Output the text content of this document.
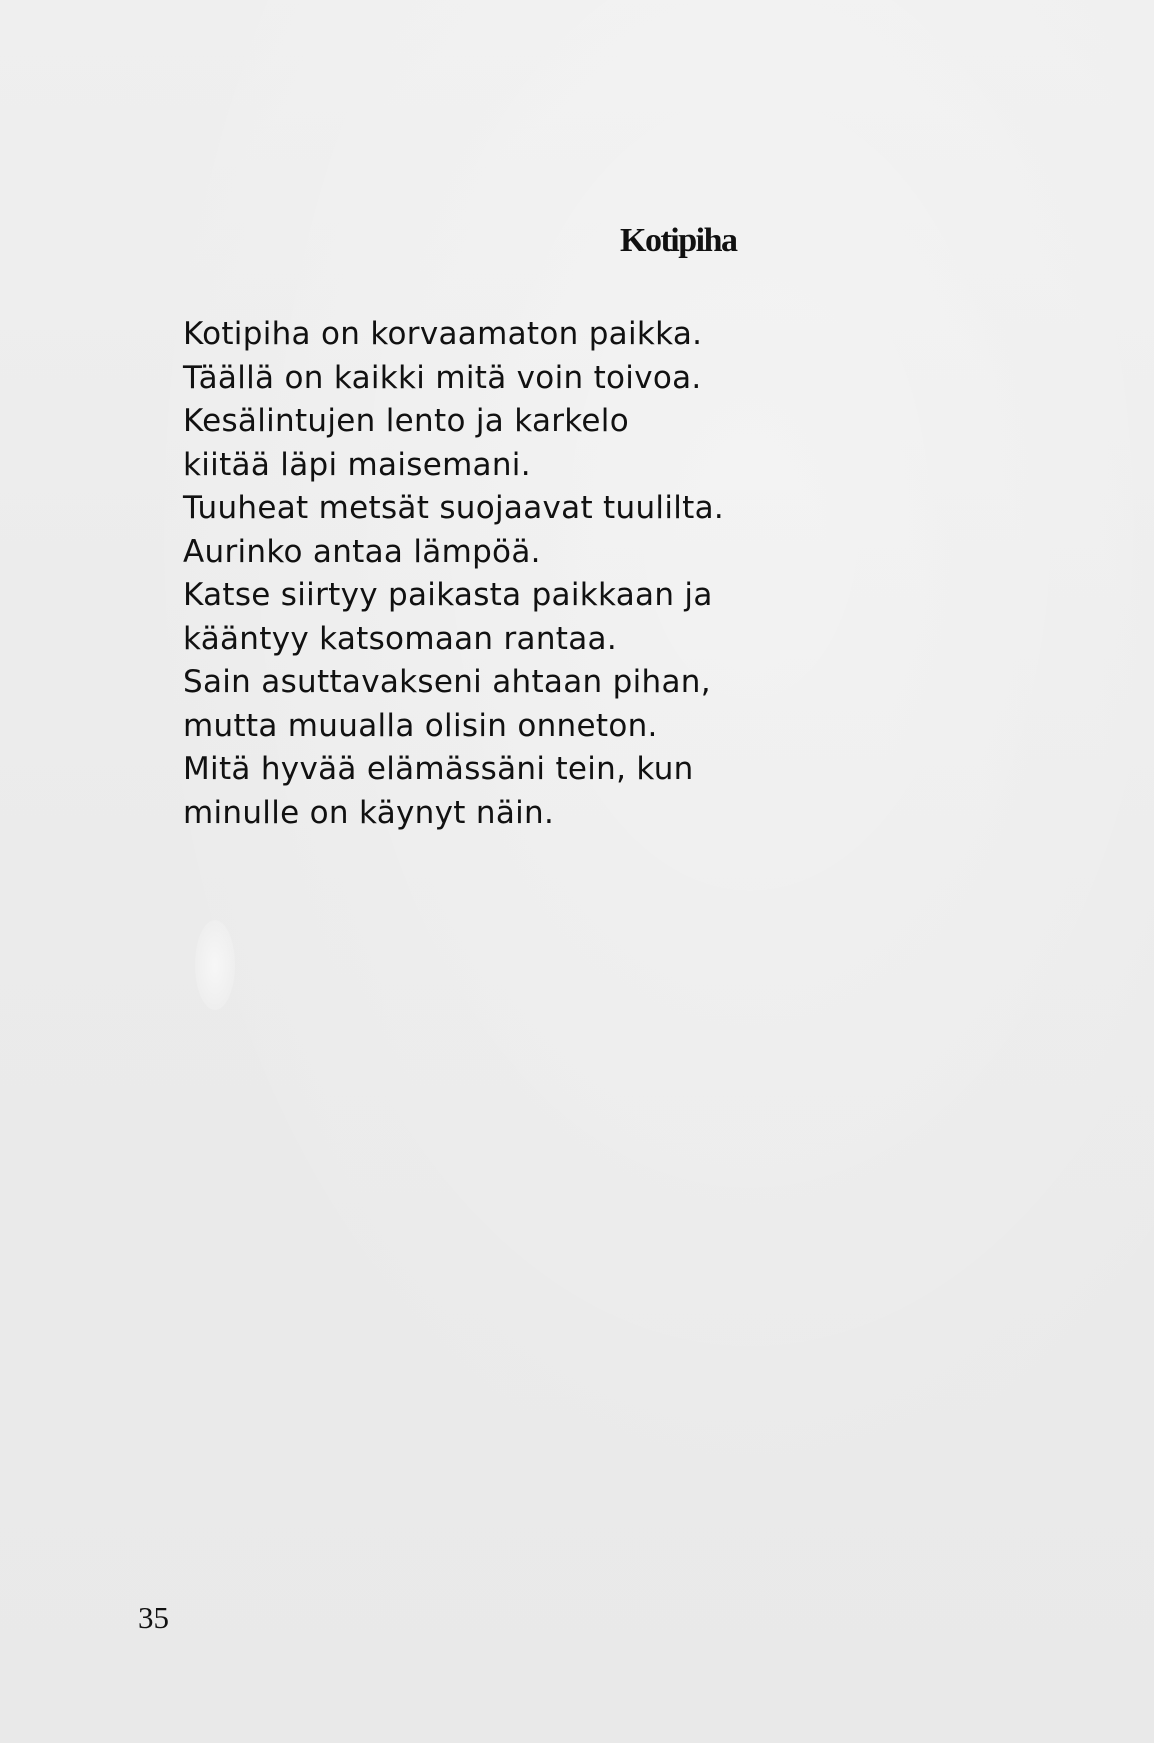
Kotipiha
Kotipiha on korvaamaton paikka.
Täällä on kaikki mitä voin toivoa.
Kesälintujen lento ja karkelo
kiitää läpi maisemani.
Tuuheat metsät suojaavat tuulilta.
Aurinko antaa lämpöä.
Katse siirtyy paikasta paikkaan ja
kääntyy katsomaan rantaa.
Sain asuttavakseni ahtaan pihan,
mutta muualla olisin onneton.
Mitä hyvää elämässäni tein, kun
minulle on käynyt näin.

35
